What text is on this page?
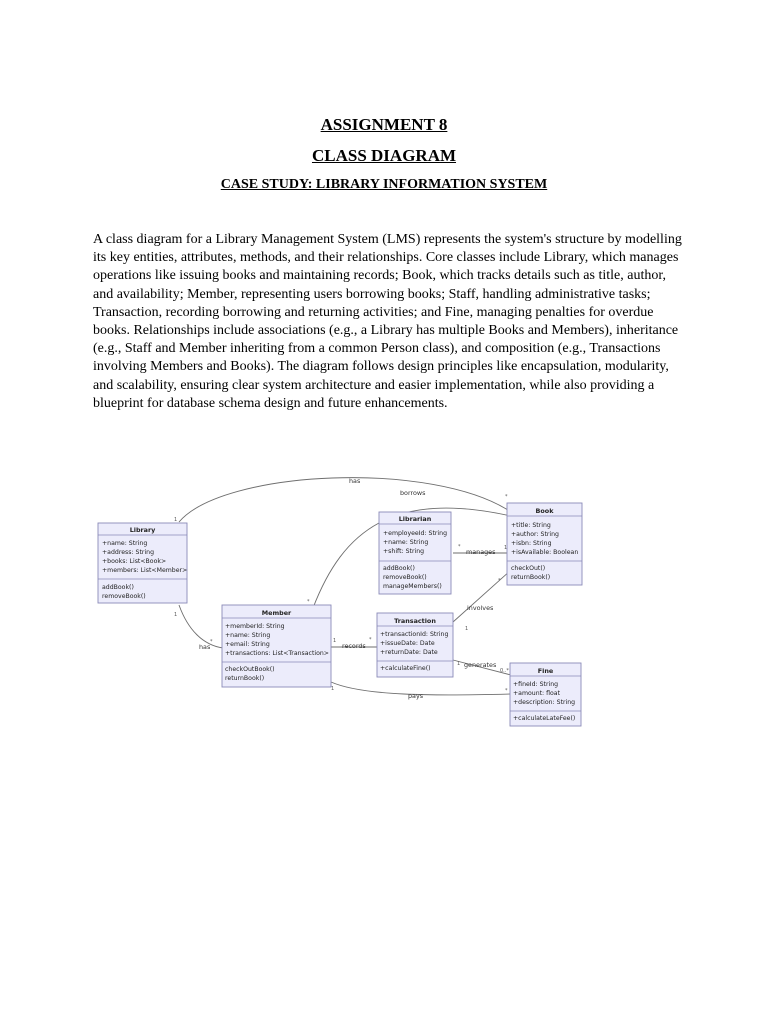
ASSIGNMENT 8
CLASS DIAGRAM
CASE STUDY: LIBRARY INFORMATION SYSTEM

A class diagram for a Library Management System (LMS) represents the system's structure by modelling its key entities, attributes, methods, and their relationships. Core classes include Library, which manages operations like issuing books and maintaining records; Book, which tracks details such as title, author, and availability; Member, representing users borrowing books; Staff, handling administrative tasks; Transaction, recording borrowing and returning activities; and Fine, managing penalties for overdue books. Relationships include associations (e.g., a Library has multiple Books and Members), inheritance (e.g., Staff and Member inheriting from a common Person class), and composition (e.g., Transactions involving Members and Books). The diagram follows design principles like encapsulation, modularity, and scalability, ensuring clear system architecture and easier implementation, while also providing a blueprint for database schema design and future enhancements.

has
borrows
manages
has	records
involves
generates
pays
1
*
1
*
*
*	1
1	*
1
*
1
0..*
1	*
Library
+name: String
+address: String
+books: List<Book>
+members: List<Member>
addBook()
removeBook()
Librarian
+employeeId: String
+name: String
+shift: String
addBook()
removeBook()
manageMembers()
Book
+title: String
+author: String
+isbn: String
+isAvailable: Boolean
checkOut()
returnBook()
Member
+memberId: String
+name: String
+email: String
+transactions: List<Transaction>
checkOutBook()
returnBook()
Transaction
+transactionId: String
+issueDate: Date
+returnDate: Date
+calculateFine()	Fine
+fineId: String
+amount: float
+description: String
+calculateLateFee()
